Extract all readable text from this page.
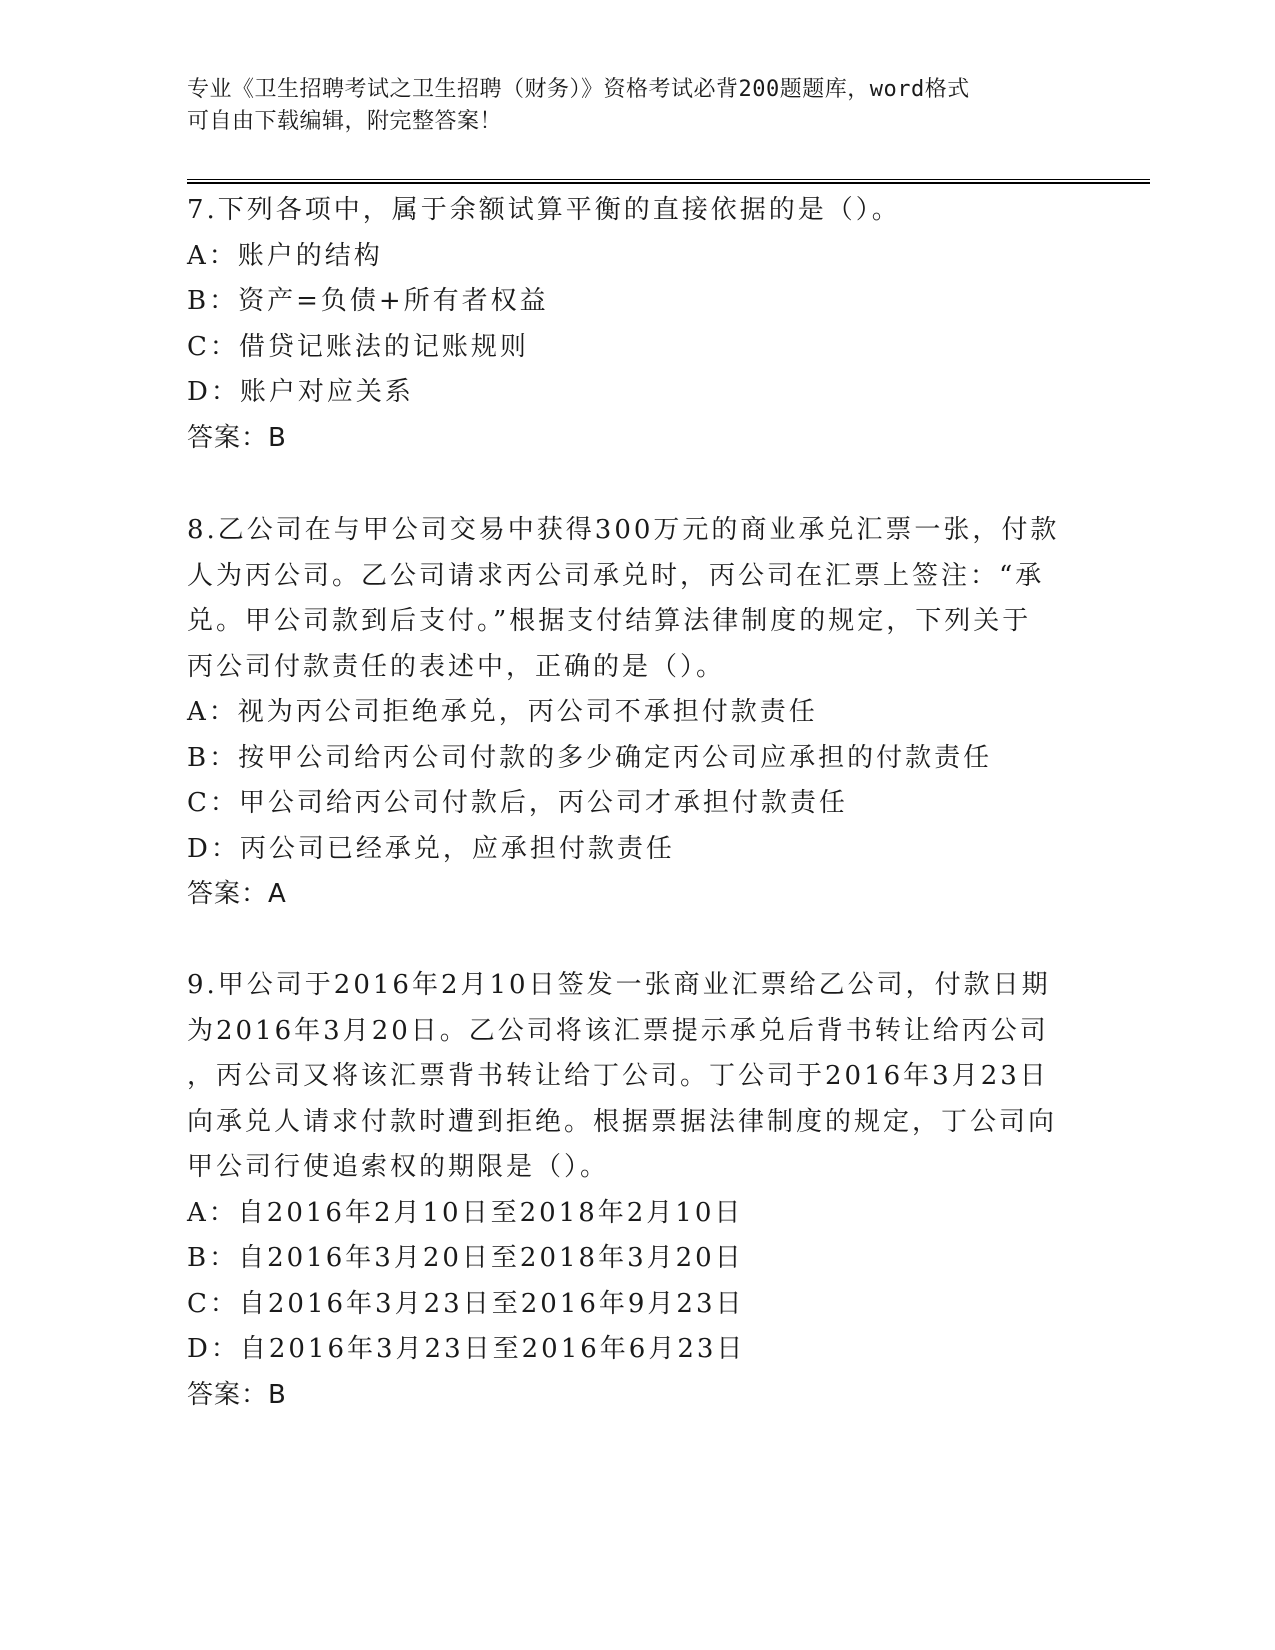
专业《卫生招聘考试之卫生招聘（财务）》资格考试必背200题题库，word格式
可自由下载编辑，附完整答案！
7.下列各项中，属于余额试算平衡的直接依据的是（）。
A：账户的结构
B：资产=负债+所有者权益
C：借贷记账法的记账规则
D：账户对应关系
答案：B
8.乙公司在与甲公司交易中获得300万元的商业承兑汇票一张，付款
人为丙公司。乙公司请求丙公司承兑时，丙公司在汇票上签注：“承
兑。甲公司款到后支付。”根据支付结算法律制度的规定，下列关于
丙公司付款责任的表述中，正确的是（）。
A：视为丙公司拒绝承兑，丙公司不承担付款责任
B：按甲公司给丙公司付款的多少确定丙公司应承担的付款责任
C：甲公司给丙公司付款后，丙公司才承担付款责任
D：丙公司已经承兑，应承担付款责任
答案：A
9.甲公司于2016年2月10日签发一张商业汇票给乙公司，付款日期
为2016年3月20日。乙公司将该汇票提示承兑后背书转让给丙公司
，丙公司又将该汇票背书转让给丁公司。丁公司于2016年3月23日
向承兑人请求付款时遭到拒绝。根据票据法律制度的规定，丁公司向
甲公司行使追索权的期限是（）。
A：自2016年2月10日至2018年2月10日
B：自2016年3月20日至2018年3月20日
C：自2016年3月23日至2016年9月23日
D：自2016年3月23日至2016年6月23日
答案：B
